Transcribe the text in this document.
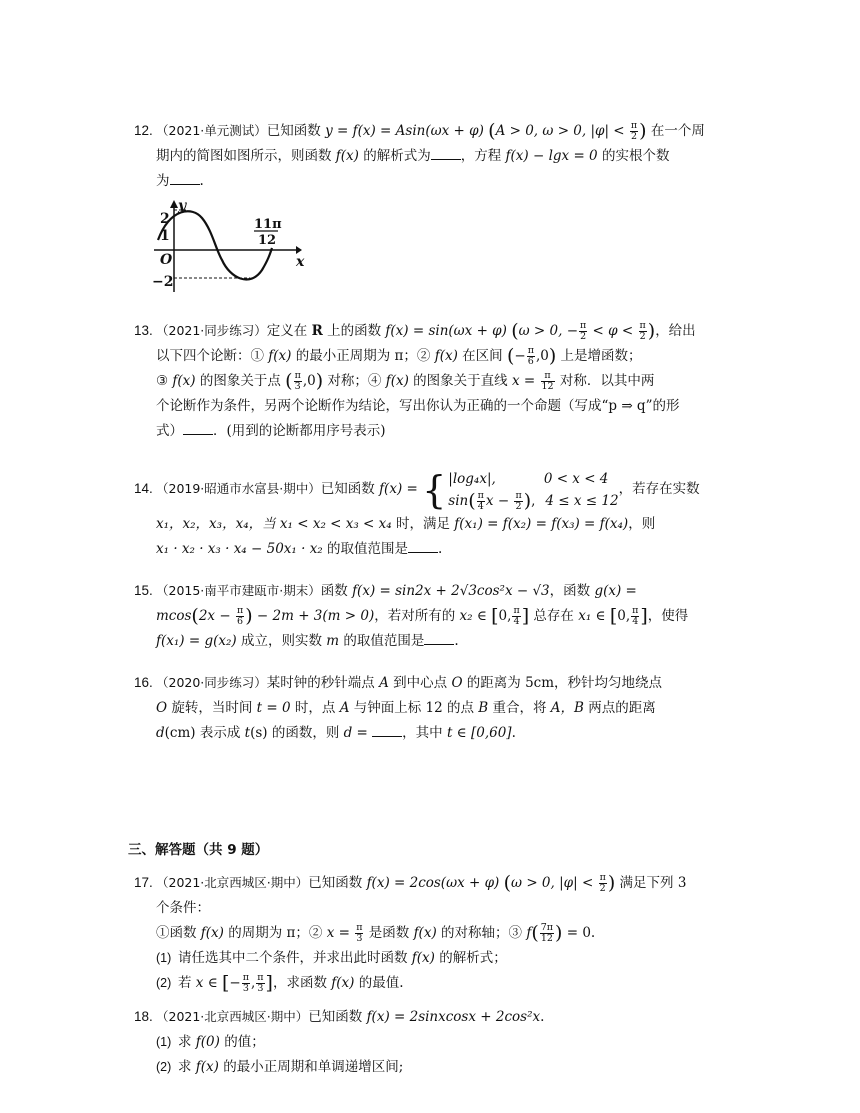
12. （2021·单元测试）已知函数 y = f(x) = Asin(ωx + φ) (A > 0, ω > 0, $|\varphi| < \frac{\pi}{2}$ ) 在一个周
期内的简图如图所示，则函数 f(x) 的解析式为 ，方程 f(x) − lgx = 0 的实根个数
为 .
y
x
O
2
1
−2
11π
12
13. （2021·同步练习）定义在 R 上的函数 f(x) = sin(ωx + φ) (ω > 0, − $\frac{\pi}{2} < \varphi < \frac{\pi}{2}$ )，给出
以下四个论断：① f(x) 的最小正周期为 π；② f(x) 在区间 (− $\frac{\pi}{6} ,0$) 上是增函数；
③ f(x) 的图象关于点 ( $\frac{\pi}{3} ,0$) 对称；④ f(x) 的图象关于直线 $x = \frac{\pi}{12}$ 对称．以其中两
个论断作为条件，另两个论断作为结论，写出你认为正确的一个命题（写成“p ⇒ q”的形
式） ．(用到的论断都用序号表示)
14. （2019·昭通市水富县·期中）已知函数 f(x) = { |log₄x|,	0 < x < 4
$\sin( \frac{\pi}{4}$ $x - \frac{\pi}{2}$ ), 4 ≤ x ≤ 12
，若存在实数
x₁，x₂，x₃，x₄，当 x₁ < x₂ < x₃ < x₄ 时，满足 f(x₁) = f(x₂) = f(x₃) = f(x₄)，则
x₁ · x₂ · x₃ · x₄ − 50x₁ · x₂ 的取值范围是 .
15. （2015·南平市建瓯市·期末）函数 f(x) = sin2x + 2√3cos²x − √3，函数 g(x) =
$mcos(2x - \frac{\pi}{6}$ ) − 2m + 3(m > 0)，若对所有的 x₂ ∈ [0, $\frac{\pi}{4}$ ] 总存在 x₁ ∈ [0, $\frac{\pi}{4}$ ]，使得
f(x₁) = g(x₂) 成立，则实数 m 的取值范围是 .
16. （2020·同步练习）某时钟的秒针端点 A 到中心点 O 的距离为 5cm，秒针均匀地绕点
O 旋转，当时间 t = 0 时，点 A 与钟面上标 12 的点 B 重合，将 A，B 两点的距离
d(cm) 表示成 t(s) 的函数，则 d = ，其中 t ∈ [0,60].
三、解答题（共 9 题）
17. （2021·北京西城区·期中）已知函数 f(x) = 2cos(ωx + φ) (ω > 0, $|\varphi| < \frac{\pi}{2}$ ) 满足下列 3
个条件：
①函数 f(x) 的周期为 π；② $x = \frac{\pi}{3}$ 是函数 f(x) 的对称轴；③ $f( \frac{7\pi}{12}$ ) = 0.
(1) 请任选其中二个条件，并求出此时函数 f(x) 的解析式；
(2) 若 x ∈ [− $\frac{\pi}{3}$ , $\frac{\pi}{3}$ ]，求函数 f(x) 的最值.
18. （2021·北京西城区·期中）已知函数 f(x) = 2sinxcosx + 2cos²x.
(1) 求 f(0) 的值；
(2) 求 f(x) 的最小正周期和单调递增区间;
